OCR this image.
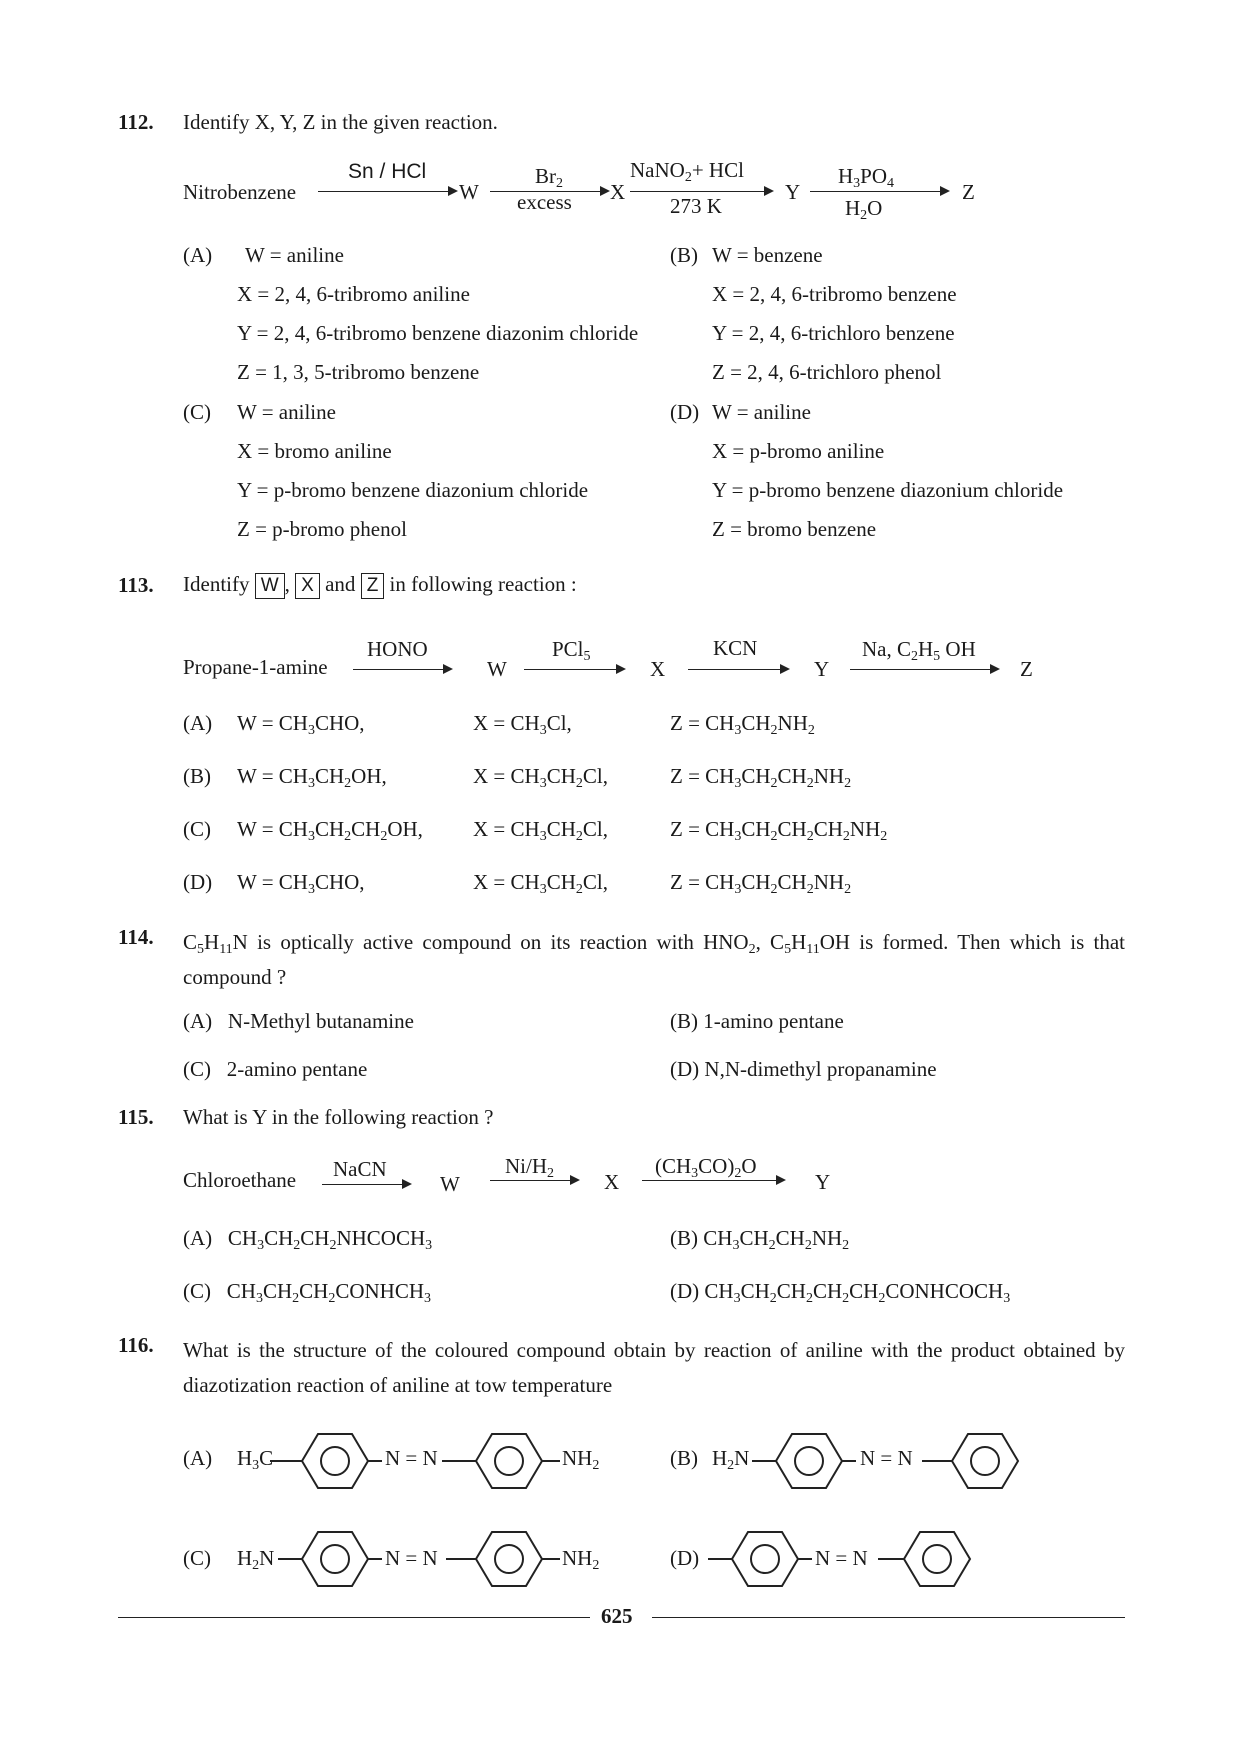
112. Identify X, Y, Z in the given reaction.
Nitrobenzene
Sn / HCl
W
$Br_2$
excess X
NaNO$_2$+ HCl
273 K
Y
$H_3PO_4$
$H_2O$
Z
(A) W = aniline
X = 2, 4, 6-tribromo aniline
Y = 2, 4, 6-tribromo benzene diazonim chloride
Z = 1, 3, 5-tribromo benzene
(B) W = benzene
X = 2, 4, 6-tribromo benzene
Y = 2, 4, 6-trichloro benzene
Z = 2, 4, 6-trichloro phenol
(C) W = aniline
X = bromo aniline
Y = p-bromo benzene diazonium chloride
Z = p-bromo phenol
(D) W = aniline
X = p-bromo aniline
Y = p-bromo benzene diazonium chloride
Z = bromo benzene
113. Identify W , X and Z in following reaction :
Propane-1-amine
HONO
W
PCl$_5$
X
KCN
Y
Na, $C_2H_5$ OH
Z
(A) $W = CH_3CHO$,	$X = CH_3Cl$,	$Z = CH_3CH_2NH_2$
(B) $W = CH_3CH_2OH$,	$X = CH_3CH_2Cl$,	$Z = CH_3CH_2CH_2NH_2$
(C) $W = CH_3CH_2CH_2OH$, $X = CH_3CH_2Cl$,	$Z = CH_3CH_2CH_2CH_2NH_2$
(D) $W = CH_3CHO$,	$X = CH_3CH_2Cl$,	$Z = CH_3CH_2CH_2NH_2$
114. $C_5H_{11}N$ is optically active compound on its reaction with $HNO_2$, $C_5H_{11}OH$ is formed. Then which is that compound ?
(A) N-Methyl butanamine	(B) 1-amino pentane
(C) 2-amino pentane	(D) N,N-dimethyl propanamine
115. What is Y in the following reaction ?
Chloroethane NaCN
W
$Ni/H_2$ X
$(CH_3CO)_2O$
Y
(A)   $CH_3CH_2CH_2NHCOCH_3$	(B) $CH_3CH_2CH_2NH_2$
(C)   $CH_3CH_2CH_2CONHCH_3$	(D) $CH_3CH_2CH_2CH_2CH_2CONHCOCH_3$
116. What is the structure of the coloured compound obtain by reaction of aniline with the product obtained by diazotization reaction of aniline at tow temperature
(A) $H_3C$	N = N	$NH_2$	(B) $H_2N$	N = N
(C) $H_2N$	N = N	$NH_2$	(D)	N = N
625
